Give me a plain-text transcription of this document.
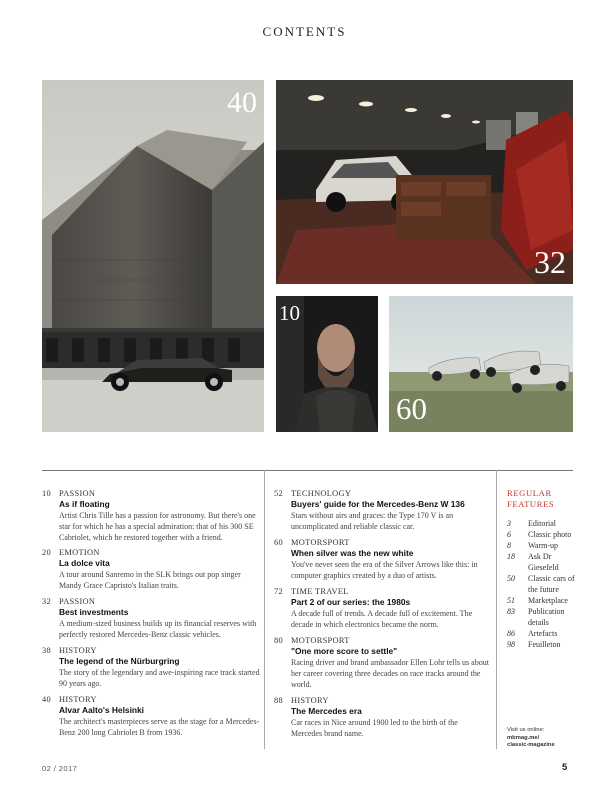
CONTENTS
40
32
10
60
10 PASSION
As if floating
Artist Chris Tille has a passion for astronomy. But there's one star for which he has a special admiration: that of his 300 SE Cabriolet, which he restored together with a friend.
20 EMOTION
La dolce vita
A tour around Sanremo in the SLK brings out pop singer Mandy Grace Capristo's Italian traits.
32 PASSION
Best investments
A medium-sized business builds up its financial reserves with perfectly restored Mercedes-Benz classic vehicles.
38 HISTORY
The legend of the Nürburgring
The story of the legendary and awe-inspiring race track started 90 years ago.
40 HISTORY
Alvar Aalto's Helsinki
The architect's masterpieces serve as the stage for a Mercedes-Benz 200 long Cabriolet B from 1936.
52 TECHNOLOGY
Buyers' guide for the Mercedes-Benz W 136
Stars without airs and graces: the Type 170 V is an uncomplicated and reliable classic car.
60 MOTORSPORT
When silver was the new white
You've never seen the era of the Silver Arrows like this: in computer graphics created by a duo of artists.
72 TIME TRAVEL
Part 2 of our series: the 1980s
A decade full of trends. A decade full of excitement. The decade in which electronics became the norm.
80 MOTORSPORT
"One more score to settle"
Racing driver and brand ambassador Ellen Lohr tells us about her career covering three decades on race tracks around the world.
88 HISTORY
The Mercedes era
Car races in Nice around 1900 led to the birth of the Mercedes brand name.
REGULAR
FEATURES
3	Editorial
6	Classic photo
8	Warm-up
18	Ask Dr Giesefeld
50	Classic cars of the future
51	Marketplace
83	Publication details
86	Artefacts
98	Feuilleton
Visit us online:
mbmag.me/
classic-magazine
02 / 2017	5
